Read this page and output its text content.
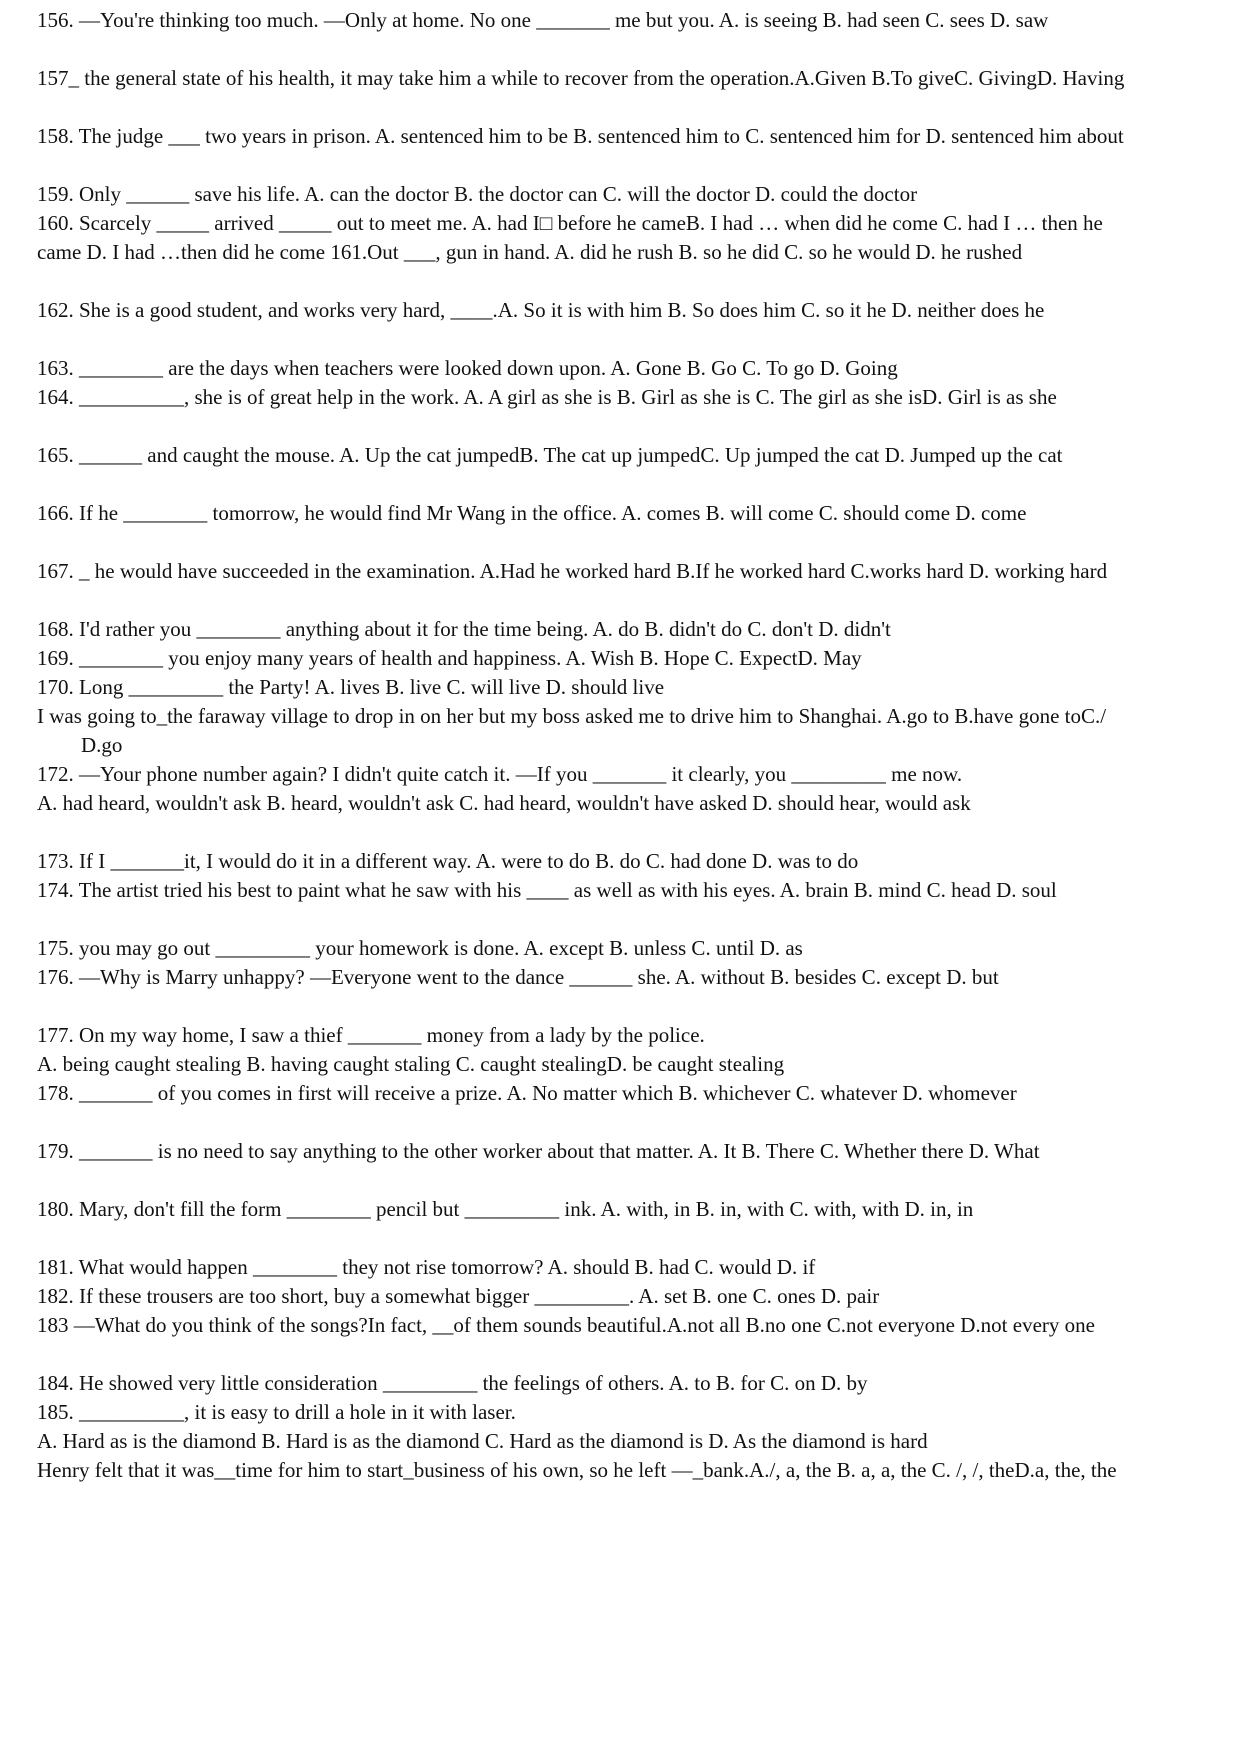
156. —You're thinking too much. —Only at home. No one _______ me but you. A. is seeing B. had seen C. sees D. saw
157_ the general state of his health, it may take him a while to recover from the operation.A.Given B.To giveC. GivingD. Having
158. The judge ___ two years in prison. A. sentenced him to be B. sentenced him to C. sentenced him for D. sentenced him about
159. Only ______ save his life. A. can the doctor B. the doctor can C. will the doctor D. could the doctor
160. Scarcely _____ arrived _____ out to meet me. A. had I□ before he cameB. I had … when did he come C. had I … then he
came D. I had …then did he come 161.Out ___, gun in hand. A. did he rush B. so he did C. so he would D. he rushed
162. She is a good student, and works very hard, ____.A. So it is with him B. So does him C. so it he D. neither does he
163. ________ are the days when teachers were looked down upon. A. Gone B. Go C. To go D. Going
164. __________, she is of great help in the work. A. A girl as she is B. Girl as she is C. The girl as she isD. Girl is as she
165. ______ and caught the mouse. A. Up the cat jumpedB. The cat up jumpedC. Up jumped the cat D. Jumped up the cat
166. If he ________ tomorrow, he would find Mr Wang in the office. A. comes B. will come C. should come D. come
167. _ he would have succeeded in the examination. A.Had he worked hard B.If he worked hard C.works hard D. working hard
168. I'd rather you ________ anything about it for the time being. A. do B. didn't do C. don't D. didn't
169. ________ you enjoy many years of health and happiness. A. Wish B. Hope C. ExpectD. May
170. Long _________ the Party! A. lives B. live C. will live D. should live
I was going to_the faraway village to drop in on her but my boss asked me to drive him to Shanghai. A.go to B.have gone toC./
D.go
172. —Your phone number again? I didn't quite catch it. —If you _______ it clearly, you _________ me now.
A. had heard, wouldn't ask B. heard, wouldn't ask C. had heard, wouldn't have asked D. should hear, would ask
173. If I _______it, I would do it in a different way. A. were to do B. do C. had done D. was to do
174. The artist tried his best to paint what he saw with his ____ as well as with his eyes. A. brain B. mind C. head D. soul
175. you may go out _________ your homework is done. A. except B. unless C. until D. as
176. —Why is Marry unhappy? —Everyone went to the dance ______ she. A. without B. besides C. except D. but
177. On my way home, I saw a thief _______ money from a lady by the police.
A. being caught stealing B. having caught staling C. caught stealingD. be caught stealing
178. _______ of you comes in first will receive a prize. A. No matter which B. whichever C. whatever D. whomever
179. _______ is no need to say anything to the other worker about that matter. A. It B. There C. Whether there D. What
180. Mary, don't fill the form ________ pencil but _________ ink. A. with, in B. in, with C. with, with D. in, in
181. What would happen ________ they not rise tomorrow? A. should B. had C. would D. if
182. If these trousers are too short, buy a somewhat bigger _________. A. set B. one C. ones D. pair
183 —What do you think of the songs?In fact, __of them sounds beautiful.A.not all B.no one C.not everyone D.not every one
184. He showed very little consideration _________ the feelings of others. A. to B. for C. on D. by
185. __________, it is easy to drill a hole in it with laser.
A. Hard as is the diamond B. Hard is as the diamond C. Hard as the diamond is D. As the diamond is hard
Henry felt that it was__time for him to start_business of his own, so he left —_bank.A./, a, the B. a, a, the C. /, /, theD.a, the, the
